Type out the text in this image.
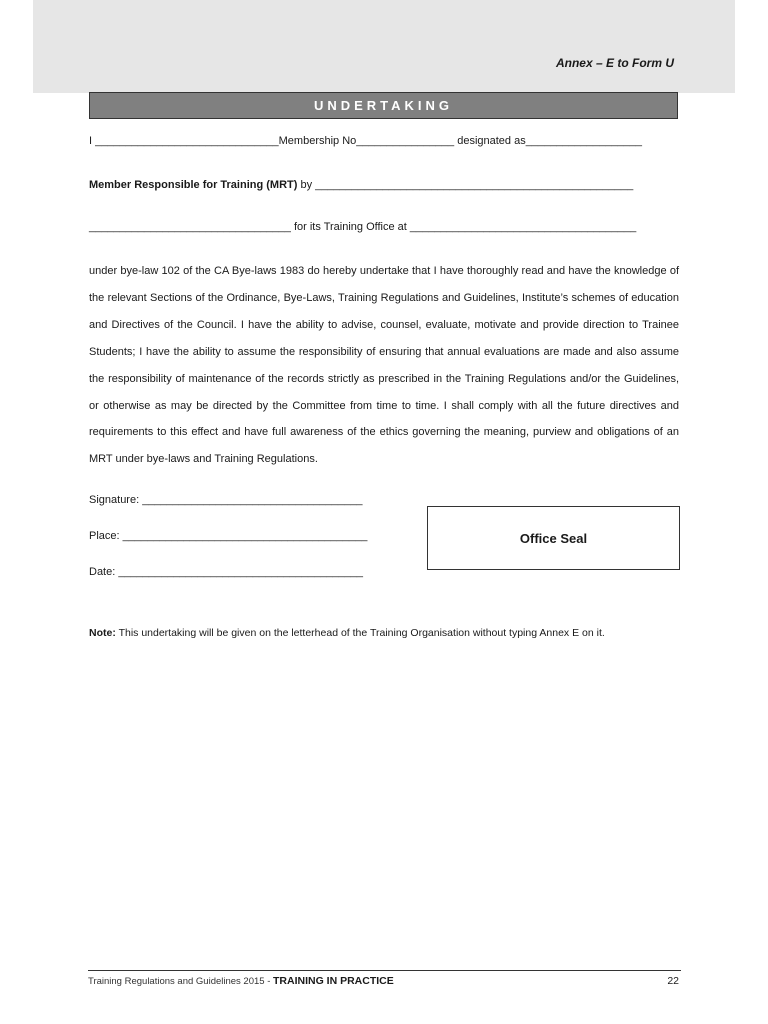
Annex – E to Form U
UNDERTAKING
I ______________________________Membership No________________ designated as___________________
Member Responsible for Training (MRT) by ____________________________________________________
_________________________________ for its Training Office at _____________________________________
under bye-law 102 of the CA Bye-laws 1983 do hereby undertake that I have thoroughly read and have the knowledge of the relevant Sections of the Ordinance, Bye-Laws, Training Regulations and Guidelines, Institute’s schemes of education and Directives of the Council. I have the ability to advise, counsel, evaluate, motivate and provide direction to Trainee Students; I have the ability to assume the responsibility of ensuring that annual evaluations are made and also assume the responsibility of maintenance of the records strictly as prescribed in the Training Regulations and/or the Guidelines, or otherwise as may be directed by the Committee from time to time. I shall comply with all the future directives and requirements to this effect and have full awareness of the ethics governing the meaning, purview and obligations of an MRT under bye-laws and Training Regulations.
Signature: ____________________________________
Place: ________________________________________
Date: ________________________________________
Office Seal
Note: This undertaking will be given on the letterhead of the Training Organisation without typing Annex E on it.
Training Regulations and Guidelines 2015 - TRAINING IN PRACTICE	22
